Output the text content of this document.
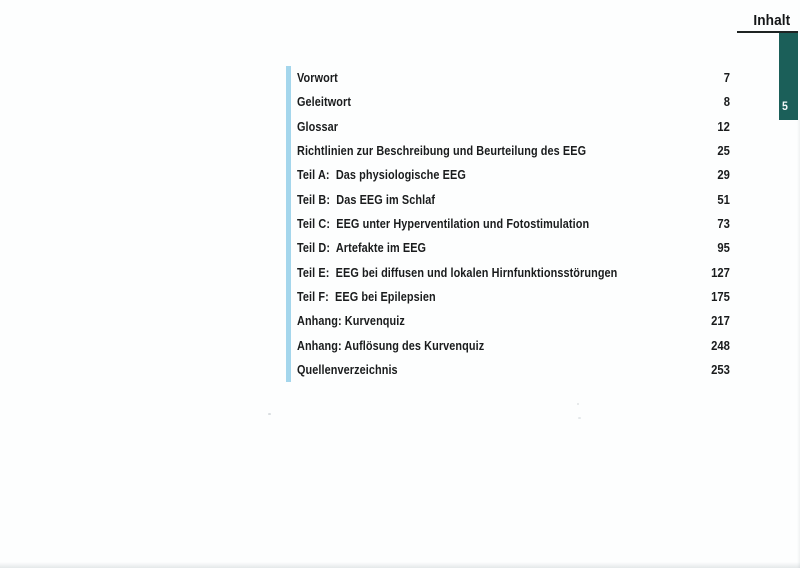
Inhalt
5
Vorwort	7
Geleitwort	8
Glossar	12
Richtlinien zur Beschreibung und Beurteilung des EEG	25
Teil A:  Das physiologische EEG	29
Teil B:  Das EEG im Schlaf	51
Teil C:  EEG unter Hyperventilation und Fotostimulation	73
Teil D:  Artefakte im EEG	95
Teil E:  EEG bei diffusen und lokalen Hirnfunktionsstörungen	127
Teil F:  EEG bei Epilepsien	175
Anhang: Kurvenquiz	217
Anhang: Auflösung des Kurvenquiz	248
Quellenverzeichnis	253
